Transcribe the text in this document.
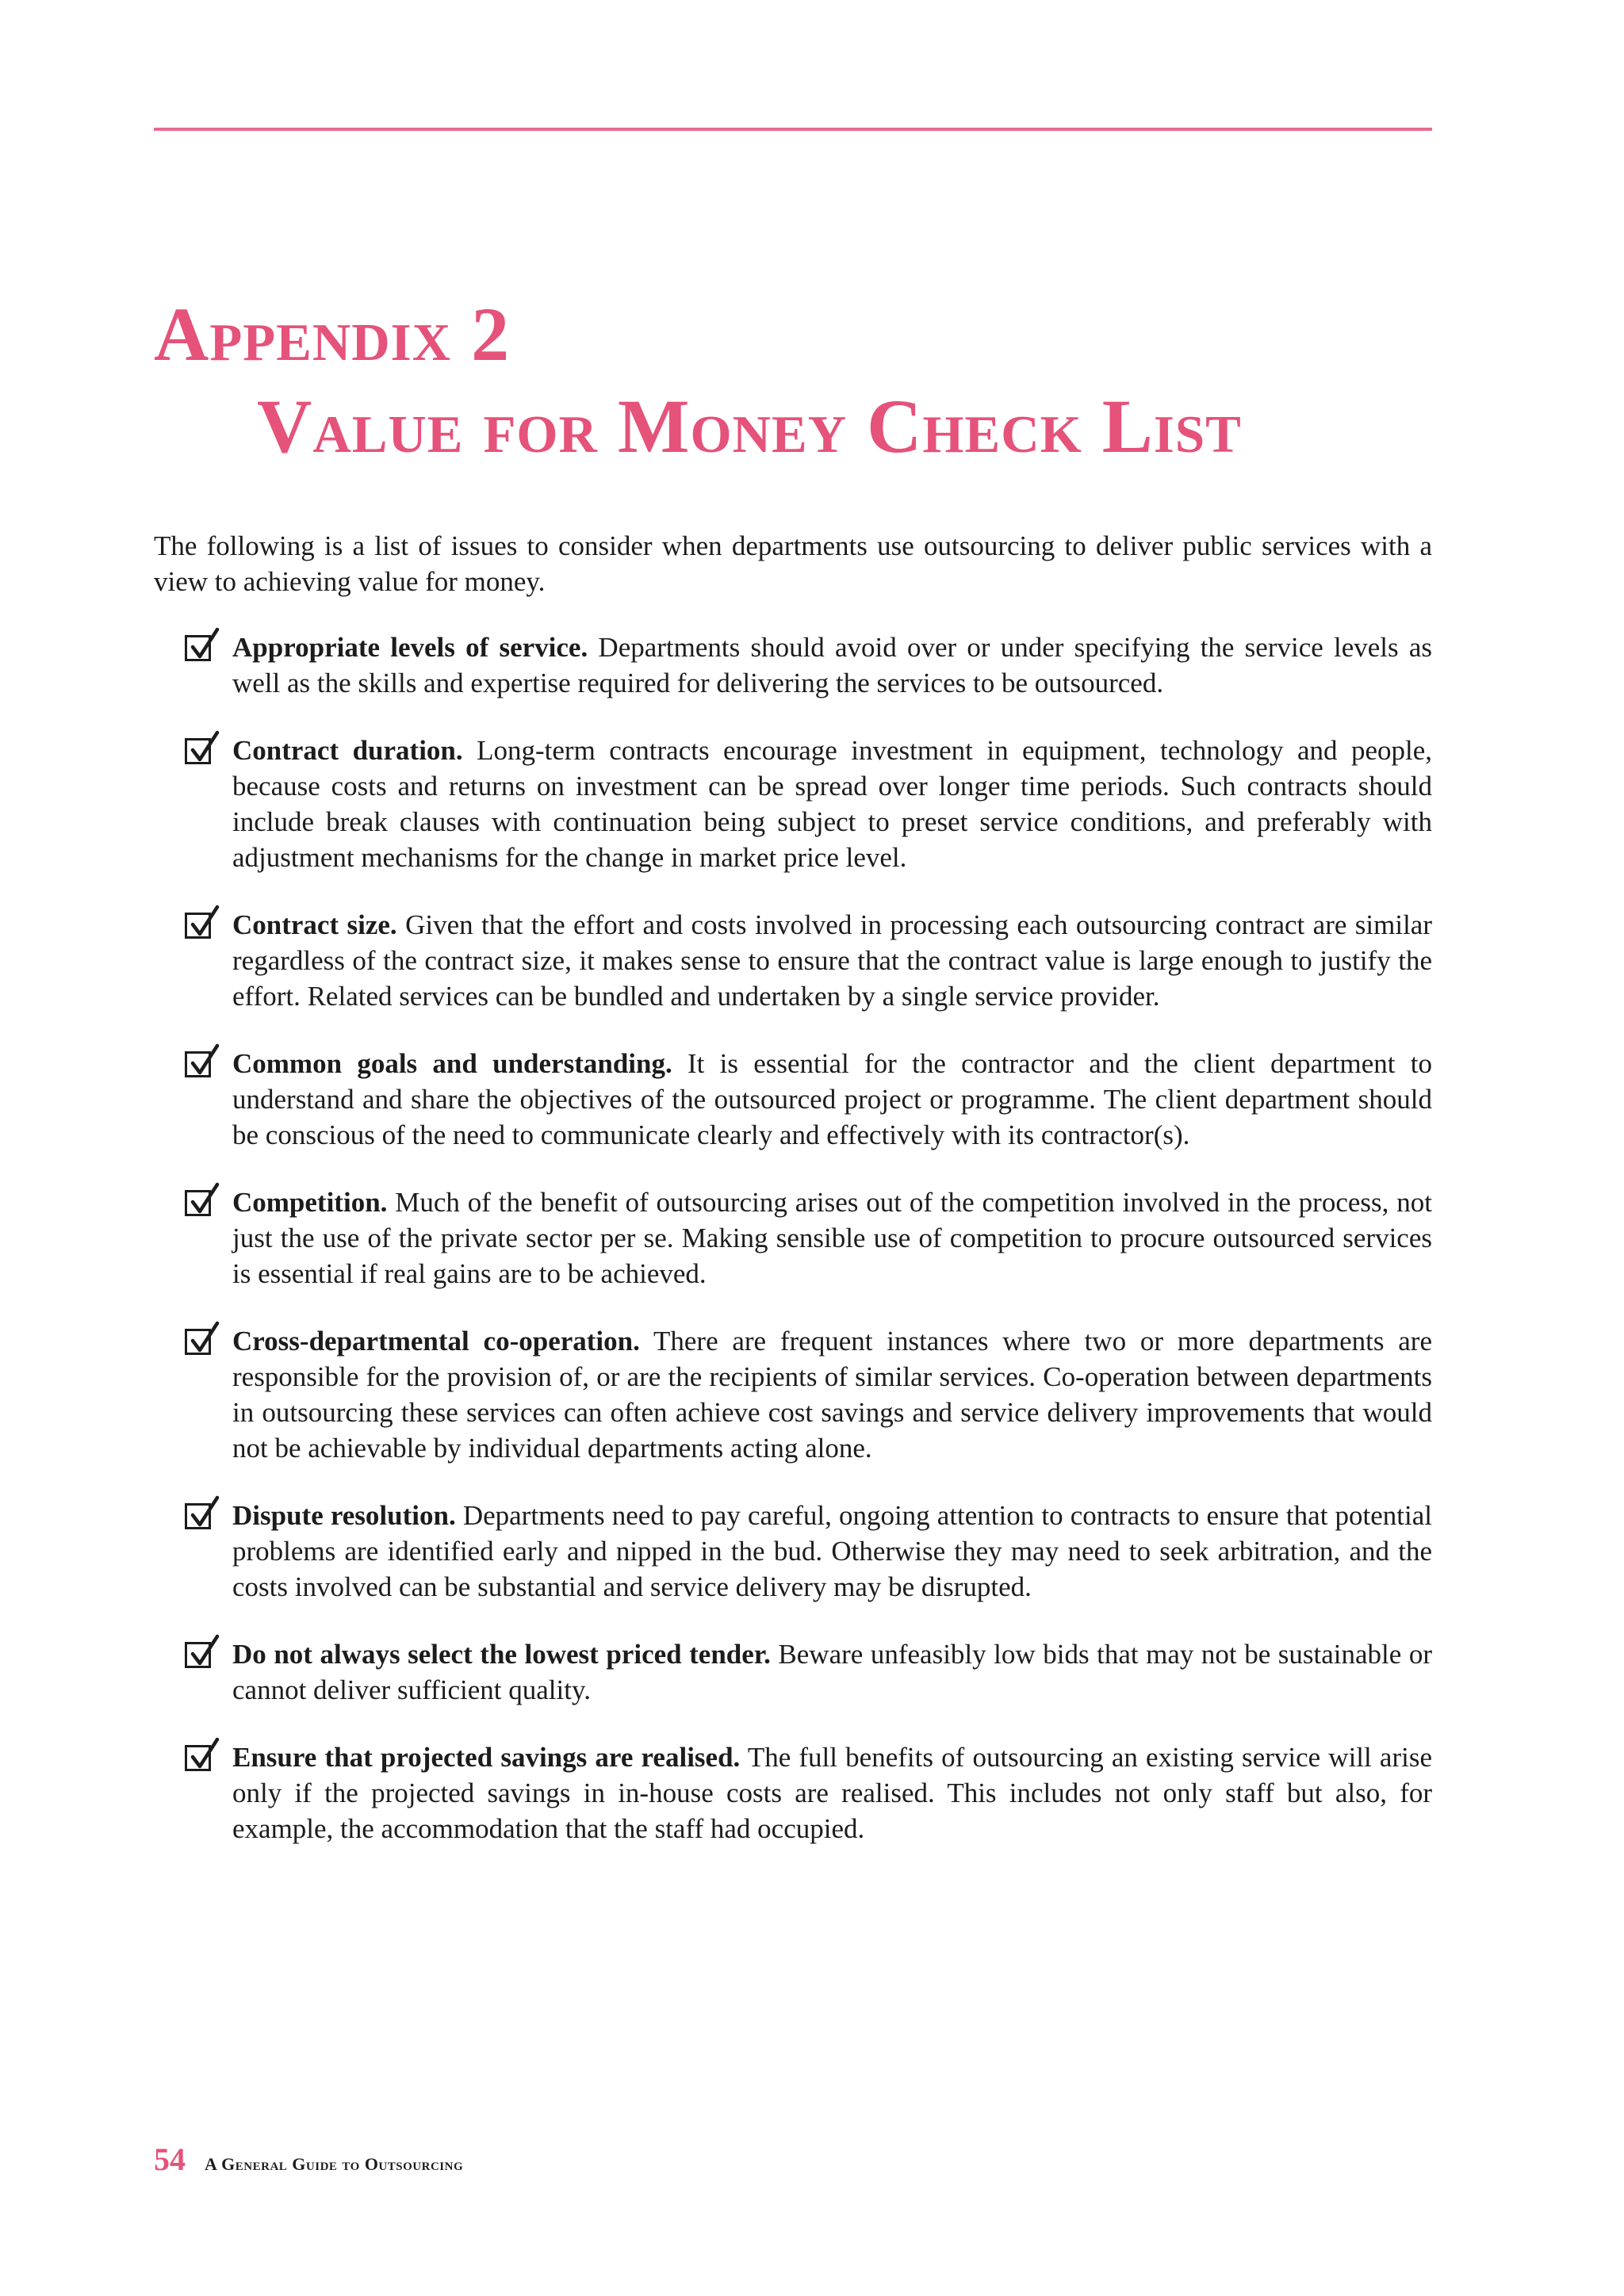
Appendix 2
Value for Money Check List

The following is a list of issues to consider when departments use outsourcing to deliver public services with a view to achieving value for money.

Appropriate levels of service. Departments should avoid over or under specifying the service levels as well as the skills and expertise required for delivering the services to be outsourced.
Contract duration. Long-term contracts encourage investment in equipment, technology and people, because costs and returns on investment can be spread over longer time periods. Such contracts should include break clauses with continuation being subject to preset service conditions, and preferably with adjustment mechanisms for the change in market price level.
Contract size. Given that the effort and costs involved in processing each outsourcing contract are similar regardless of the contract size, it makes sense to ensure that the contract value is large enough to justify the effort. Related services can be bundled and undertaken by a single service provider.
Common goals and understanding. It is essential for the contractor and the client department to understand and share the objectives of the outsourced project or programme. The client department should be conscious of the need to communicate clearly and effectively with its contractor(s).
Competition. Much of the benefit of outsourcing arises out of the competition involved in the process, not just the use of the private sector per se. Making sensible use of competition to procure outsourced services is essential if real gains are to be achieved.
Cross-departmental co-operation. There are frequent instances where two or more departments are responsible for the provision of, or are the recipients of similar services. Co-operation between departments in outsourcing these services can often achieve cost savings and service delivery improvements that would not be achievable by individual departments acting alone.
Dispute resolution. Departments need to pay careful, ongoing attention to contracts to ensure that potential problems are identified early and nipped in the bud. Otherwise they may need to seek arbitration, and the costs involved can be substantial and service delivery may be disrupted.
Do not always select the lowest priced tender. Beware unfeasibly low bids that may not be sustainable or cannot deliver sufficient quality.
Ensure that projected savings are realised. The full benefits of outsourcing an existing service will arise only if the projected savings in in-house costs are realised. This includes not only staff but also, for example, the accommodation that the staff had occupied.
54 A General Guide to Outsourcing
